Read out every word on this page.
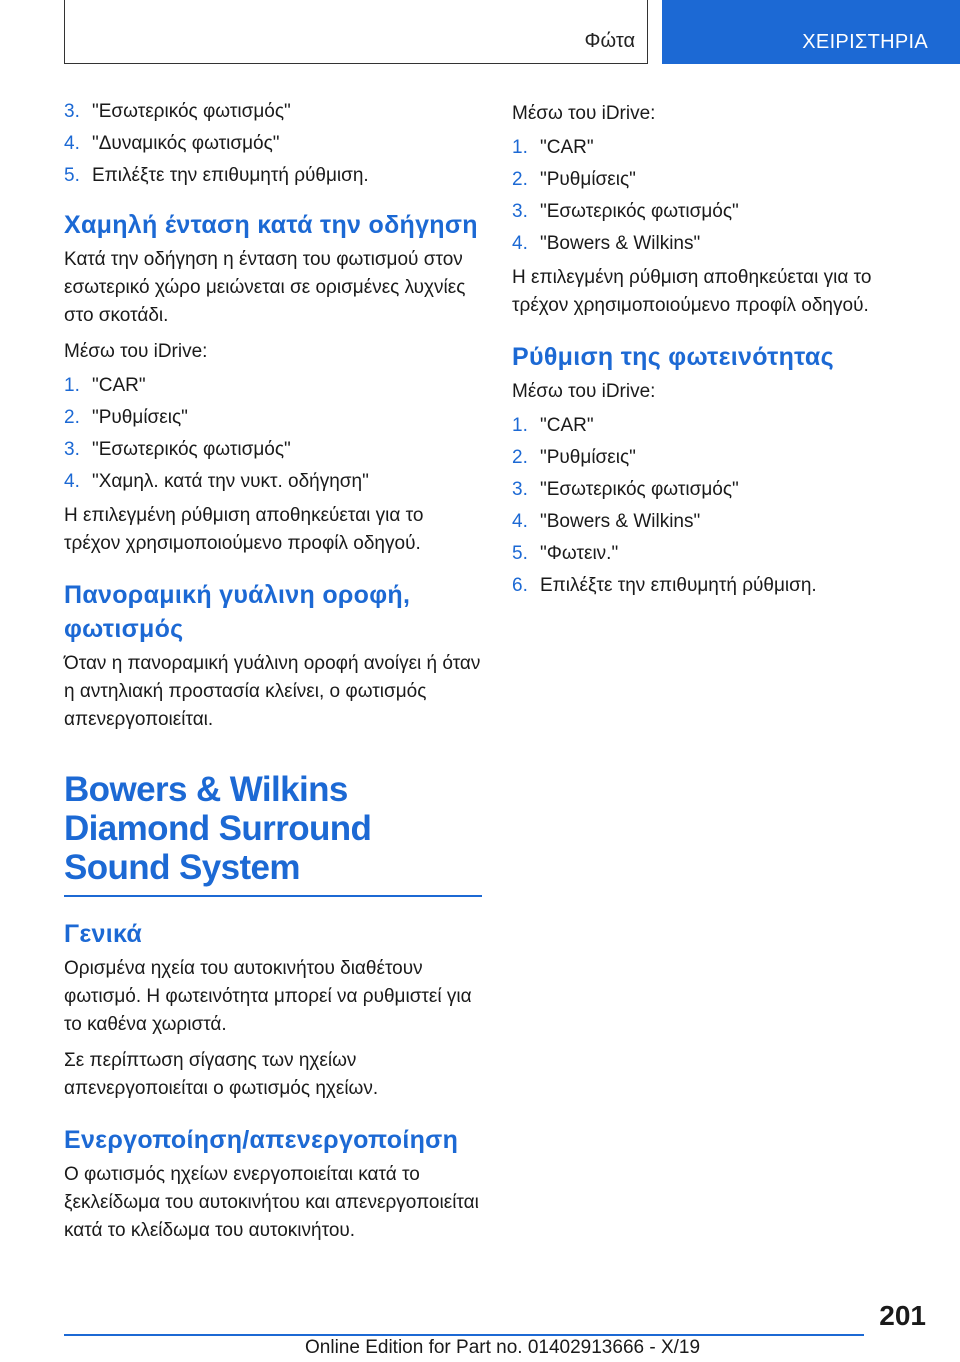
Φώτα	ΧΕΙΡΙΣΤΗΡΙΑ
3. "Εσωτερικός φωτισμός"
4. "Δυναμικός φωτισμός"
5. Επιλέξτε την επιθυμητή ρύθμιση.
Χαμηλή ένταση κατά την οδήγηση

Κατά την οδήγηση η ένταση του φωτισμού στον εσωτερικό χώρο μειώνεται σε ορισμένες λυχνίες στο σκοτάδι.

Μέσω του iDrive:

1. "CAR"
2. "Ρυθμίσεις"
3. "Εσωτερικός φωτισμός"
4. "Χαμηλ. κατά την νυκτ. οδήγηση"

Η επιλεγμένη ρύθμιση αποθηκεύεται για το τρέχον χρησιμοποιούμενο προφίλ οδηγού.

Πανοραμική γυάλινη οροφή, φωτισμός

Όταν η πανοραμική γυάλινη οροφή ανοίγει ή όταν η αντηλιακή προστασία κλείνει, ο φωτισμός απενεργοποιείται.

Bowers & Wilkins Diamond Surround Sound System
Γενικά

Ορισμένα ηχεία του αυτοκινήτου διαθέτουν φωτισμό. Η φωτεινότητα μπορεί να ρυθμιστεί για το καθένα χωριστά.

Σε περίπτωση σίγασης των ηχείων απενεργοποιείται ο φωτισμός ηχείων.

Ενεργοποίηση/απενεργοποίηση

Ο φωτισμός ηχείων ενεργοποιείται κατά το ξεκλείδωμα του αυτοκινήτου και απενεργοποιείται κατά το κλείδωμα του αυτοκινήτου.

Μέσω του iDrive:

1. "CAR"
2. "Ρυθμίσεις"
3. "Εσωτερικός φωτισμός"
4. "Bowers & Wilkins"

Η επιλεγμένη ρύθμιση αποθηκεύεται για το τρέχον χρησιμοποιούμενο προφίλ οδηγού.

Ρύθμιση της φωτεινότητας

Μέσω του iDrive:

1. "CAR"
2. "Ρυθμίσεις"
3. "Εσωτερικός φωτισμός"
4. "Bowers & Wilkins"
5. "Φωτειν."
6. Επιλέξτε την επιθυμητή ρύθμιση.
201
Online Edition for Part no. 01402913666 - X/19
